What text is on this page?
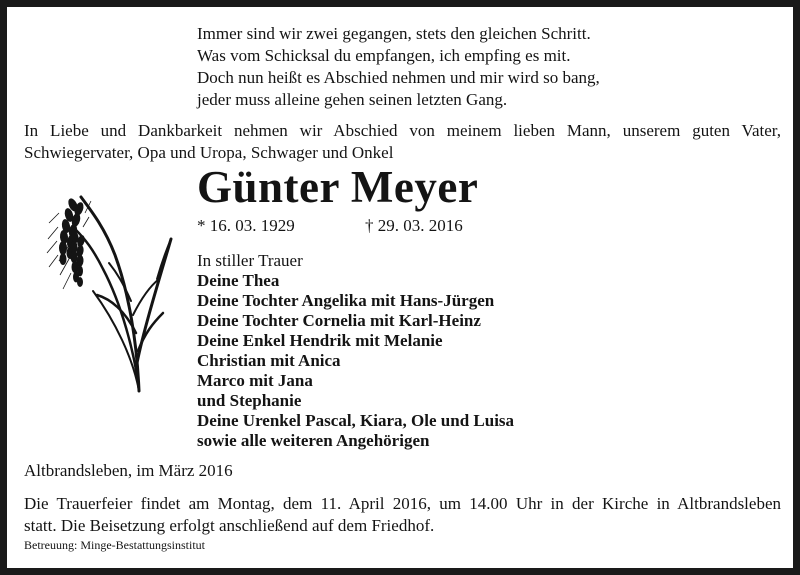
Immer sind wir zwei gegangen, stets den gleichen Schritt.
Was vom Schicksal du empfangen, ich empfing es mit.
Doch nun heißt es Abschied nehmen und mir wird so bang,
jeder muss alleine gehen seinen letzten Gang.
In Liebe und Dankbarkeit nehmen wir Abschied von meinem lieben Mann, unserem guten Vater,
Schwiegervater, Opa und Uropa, Schwager und Onkel
Günter Meyer
* 16. 03. 1929	† 29. 03. 2016
In stiller Trauer
Deine Thea
Deine Tochter Angelika mit Hans-Jürgen
Deine Tochter Cornelia mit Karl-Heinz
Deine Enkel Hendrik mit Melanie
Christian mit Anica
Marco mit Jana
und Stephanie
Deine Urenkel Pascal, Kiara, Ole und Luisa
sowie alle weiteren Angehörigen
Altbrandsleben, im März 2016
Die Trauerfeier findet am Montag, dem 11. April 2016, um 14.00 Uhr in der Kirche in Altbrandsleben
statt. Die Beisetzung erfolgt anschließend auf dem Friedhof.
Betreuung: Minge-Bestattungsinstitut
